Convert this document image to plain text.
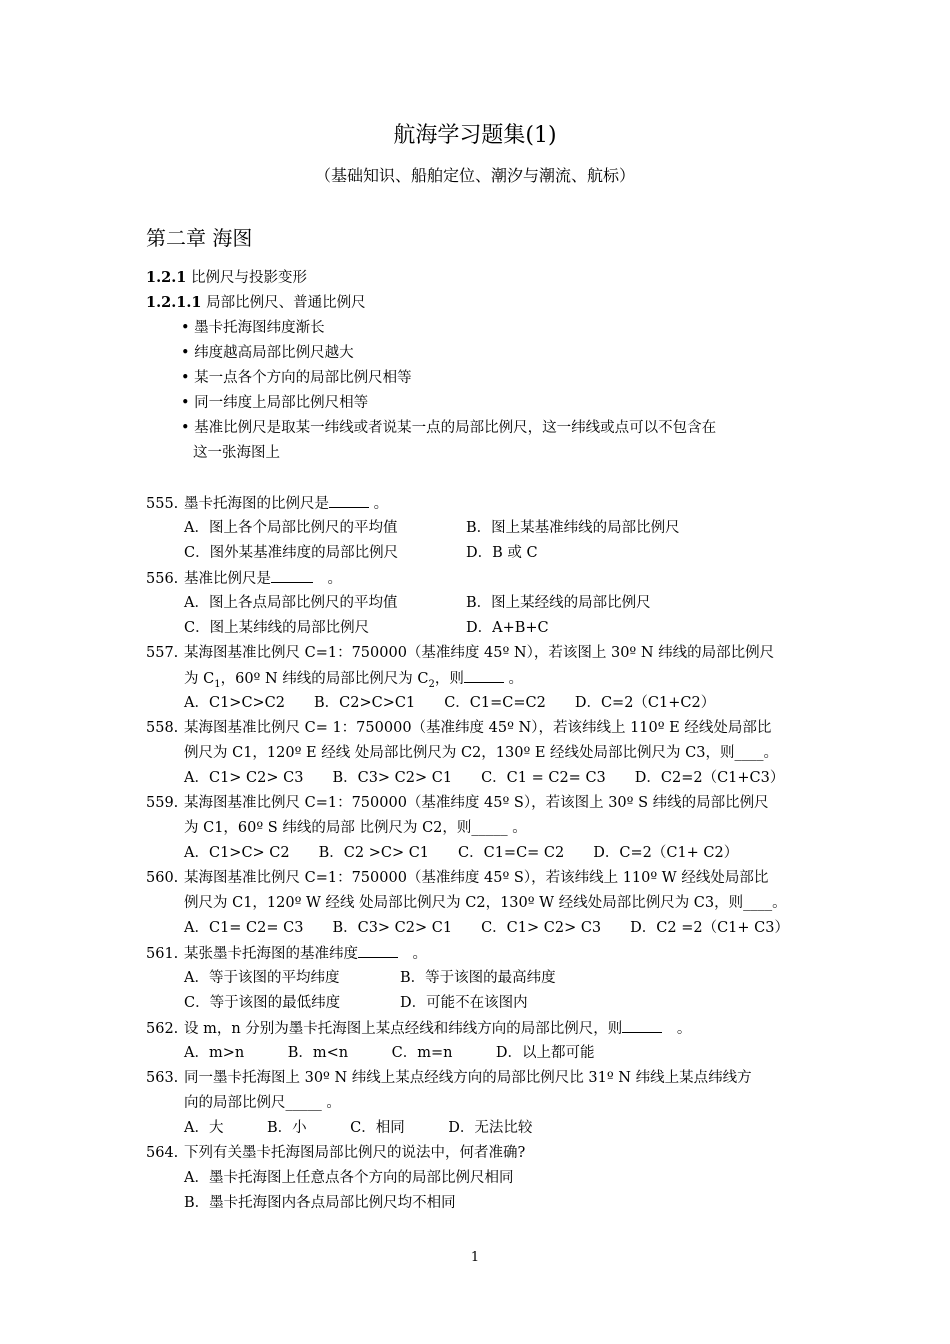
航海学习题集(1)
（基础知识、船舶定位、潮汐与潮流、航标）
第二章 海图
1.2.1 比例尺与投影变形
1.2.1.1 局部比例尺、普通比例尺
• 墨卡托海图纬度渐长
• 纬度越高局部比例尺越大
• 某一点各个方向的局部比例尺相等
• 同一纬度上局部比例尺相等
• 基准比例尺是取某一纬线或者说某一点的局部比例尺，这一纬线或点可以不包含在
这一张海图上
555. 墨卡托海图的比例尺是	。
A．图上各个局部比例尺的平均值	B．图上某基准纬线的局部比例尺
C．图外某基准纬度的局部比例尺	D．B 或 C
556. 基准比例尺是　	。
A．图上各点局部比例尺的平均值	B．图上某经线的局部比例尺
C．图上某纬线的局部比例尺	D．A+B+C
557. 某海图基准比例尺 C=1：750000（基准纬度 45º N），若该图上 30º N 纬线的局部比例尺
为 $C_1$，60º N 纬线的局部比例尺为 $C_2$，则	。
A．C1>C>C2　　B．C2>C>C1　　C．C1=C=C2　　D．C=2（C1+C2）
558. 某海图基准比例尺 C= 1：750000（基准纬度 45º N），若该纬线上 110º E 经线处局部比
例尺为 C1，120º E 经线 处局部比例尺为 C2，130º E 经线处局部比例尺为 C3，则____。
A．C1> C2> C3　　B．C3> C2> C1　　C．C1 = C2= C3　　D．C2=2（C1+C3）
559. 某海图基准比例尺 C=1：750000（基准纬度 45º S），若该图上 30º S 纬线的局部比例尺
为 C1，60º S 纬线的局部 比例尺为 C2，则_____ 。
A．C1>C> C2　　B．C2 >C> C1　　C．C1=C= C2　　D．C=2（C1+ C2）
560. 某海图基准比例尺 C=1：750000（基准纬度 45º S），若该纬线上 110º W 经线处局部比
例尺为 C1，120º W 经线 处局部比例尺为 C2，130º W 经线处局部比例尺为 C3，则____。
A．C1= C2= C3　　B．C3> C2> C1　　C．C1> C2> C3　　D．C2 =2（C1+ C3）
561. 某张墨卡托海图的基准纬度　	。
A．等于该图的平均纬度	B．等于该图的最高纬度
C．等于该图的最低纬度	D．可能不在该图内
562. 设 m，n 分别为墨卡托海图上某点经线和纬线方向的局部比例尺，则　	。
A．m>n　　　B．m<n　　　C．m=n　　　D．以上都可能
563. 同一墨卡托海图上 30º N 纬线上某点经线方向的局部比例尺比 31º N 纬线上某点纬线方
向的局部比例尺_____ 。
A．大　　　B．小　　　C．相同　　　D．无法比较
564. 下列有关墨卡托海图局部比例尺的说法中，何者准确?
A．墨卡托海图上任意点各个方向的局部比例尺相同
B．墨卡托海图内各点局部比例尺均不相同
1
